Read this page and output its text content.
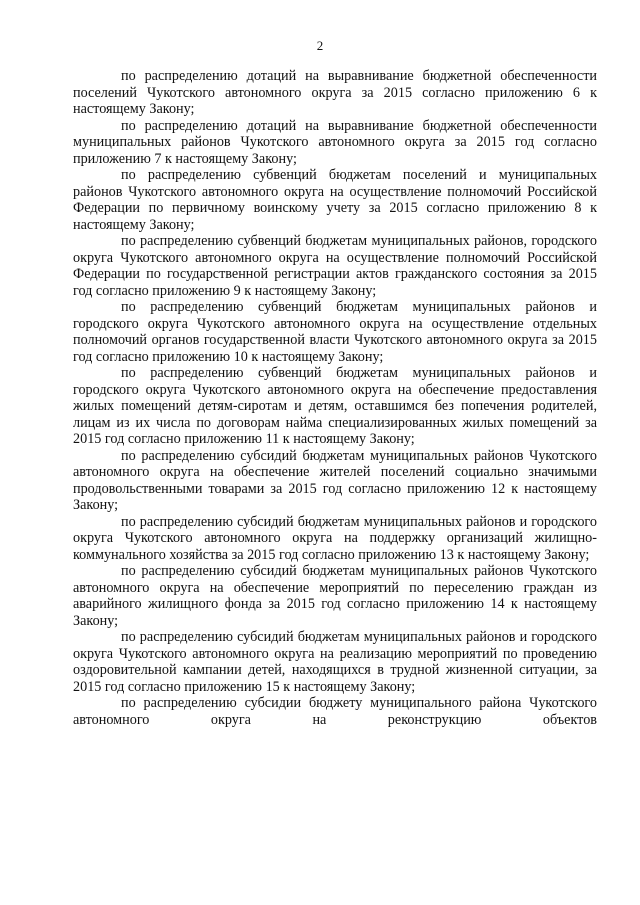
2

по распределению дотаций на выравнивание бюджетной обеспеченности поселений Чукотского автономного округа за 2015 согласно приложению 6 к настоящему Закону;

по распределению дотаций на выравнивание бюджетной обеспеченности муниципальных районов Чукотского автономного округа за 2015 год согласно приложению 7 к настоящему Закону;

по распределению субвенций бюджетам поселений и муниципальных районов Чукотского автономного округа на осуществление полномочий Российской Федерации по первичному воинскому учету за 2015 согласно приложению 8 к настоящему Закону;

по распределению субвенций бюджетам муниципальных районов, городского округа Чукотского автономного округа на осуществление полномочий Российской Федерации по государственной регистрации актов гражданского состояния за 2015 год согласно приложению 9 к настоящему Закону;

по распределению субвенций бюджетам муниципальных районов и городского округа Чукотского автономного округа на осуществление отдельных полномочий органов государственной власти Чукотского автономного округа за 2015 год согласно приложению 10 к настоящему Закону;

по распределению субвенций бюджетам муниципальных районов и городского округа Чукотского автономного округа на обеспечение предоставления жилых помещений детям-сиротам и детям, оставшимся без попечения родителей, лицам из их числа по договорам найма специализированных жилых помещений за 2015 год согласно приложению 11 к настоящему Закону;

по распределению субсидий бюджетам муниципальных районов Чукотского автономного округа на обеспечение жителей поселений социально значимыми продовольственными товарами за 2015 год согласно приложению 12 к настоящему Закону;

по распределению субсидий бюджетам муниципальных районов и городского округа Чукотского автономного округа на поддержку организаций жилищно-коммунального хозяйства за 2015 год согласно приложению 13 к настоящему Закону;

по распределению субсидий бюджетам муниципальных районов Чукотского автономного округа на обеспечение мероприятий по переселению граждан из аварийного жилищного фонда за 2015 год согласно приложению 14 к настоящему Закону;

по распределению субсидий бюджетам муниципальных районов и городского округа Чукотского автономного округа на реализацию мероприятий по проведению оздоровительной кампании детей, находящихся в трудной жизненной ситуации, за 2015 год согласно приложению 15 к настоящему Закону;

по распределению субсидии бюджету муниципального района Чукотского автономного округа на реконструкцию объектов
